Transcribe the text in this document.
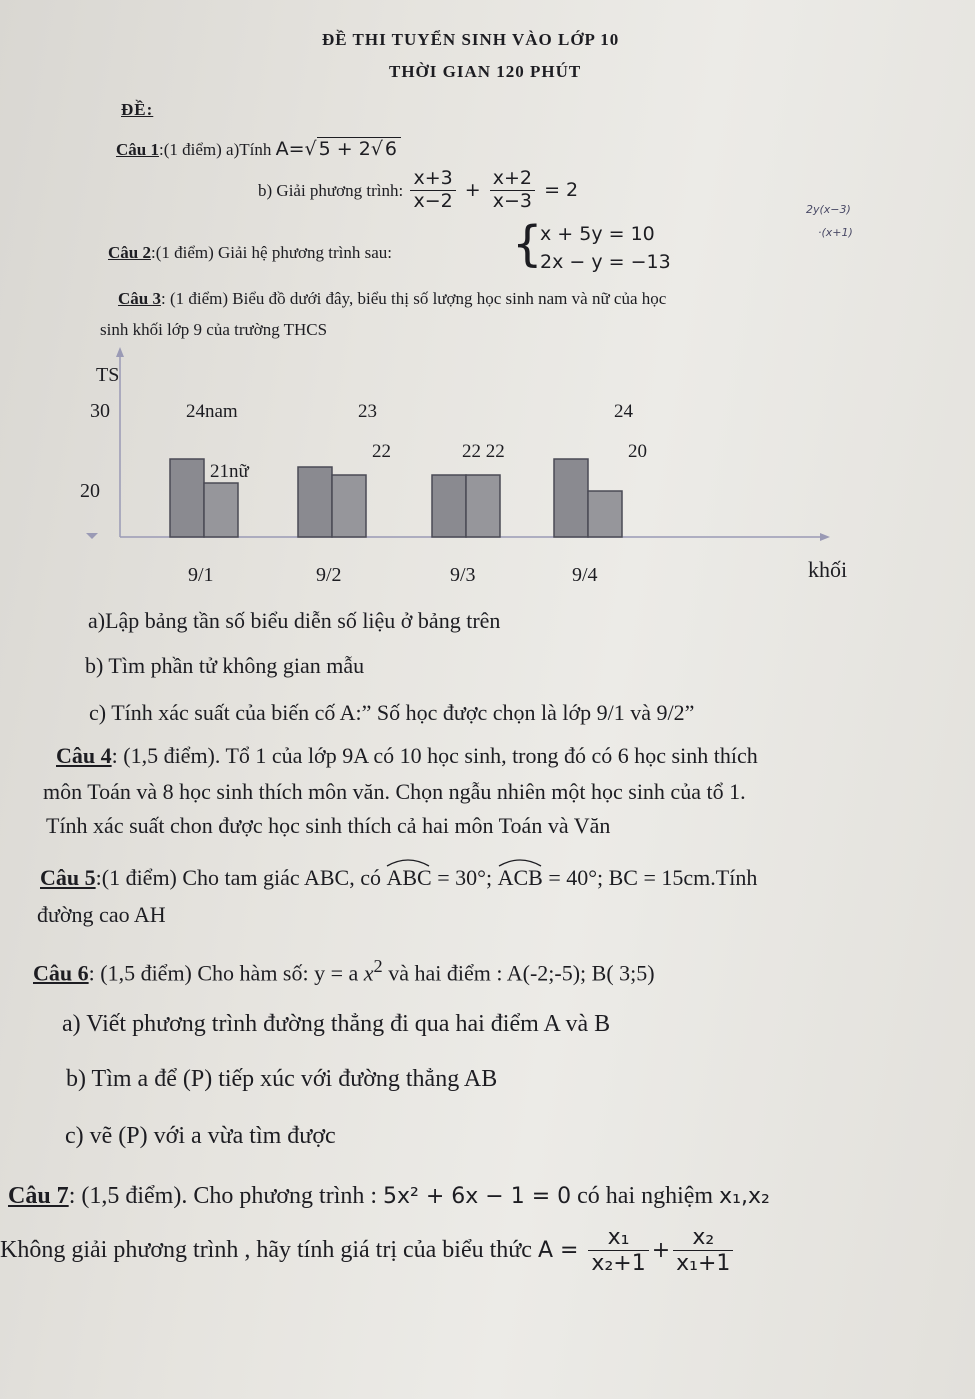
ĐỀ THI TUYỂN SINH VÀO LỚP 10
THỜI GIAN 120 PHÚT
ĐỀ:
Câu 1:(1 điểm) a)Tính A=√ 5 + 2√ 6
b) Giải phương trình: $\frac{x+3}{x-2} + \frac{x+2}{x-3} = 2$
Câu 2:(1 điểm) Giải hệ phương trình sau: {
x + 5y = 10
2x − y = −13
2y(x−3)
·(x+1)
Câu 3: (1 điểm) Biểu đồ dưới đây, biểu thị số lượng học sinh nam và nữ của học
sinh khối lớp 9 của trường THCS
TS
30
20
khối
24nam
21nữ
9/1
23
22
9/2
22 22
9/3
24
20
9/4
a)Lập bảng tần số biểu diễn số liệu ở bảng trên
b) Tìm phần tử không gian mẫu
c) Tính xác suất của biến cố A:” Số học được chọn là lớp 9/1 và 9/2”
Câu 4: (1,5 điểm). Tổ 1 của lớp 9A có 10 học sinh, trong đó có 6 học sinh thích
môn Toán và 8 học sinh thích môn văn. Chọn ngẫu nhiên một học sinh của tổ 1.
Tính xác suất chon được học sinh thích cả hai môn Toán và Văn
Câu 5:(1 điểm) Cho tam giác ABC, có
ABC = 30°;
ACB = 40°; BC = 15cm.Tính
đường cao AH
Câu 6: (1,5 điểm) Cho hàm số: y = a $x^2$ và hai điểm : A(-2;-5); B( 3;5)
a) Viết phương trình đường thẳng đi qua hai điểm A và B
b) Tìm a để (P) tiếp xúc với đường thẳng AB
c) vẽ (P) với a vừa tìm được
Câu 7: (1,5 điểm). Cho phương trình : 5x² + 6x − 1 = 0 có hai nghiệm x₁,x₂
Không giải phương trình , hãy tính giá trị của biểu thức $A = \frac{\text{x₁}}{\text{x₂+1}} + \frac{\text{x₂}}{\text{x₁+1}}$
